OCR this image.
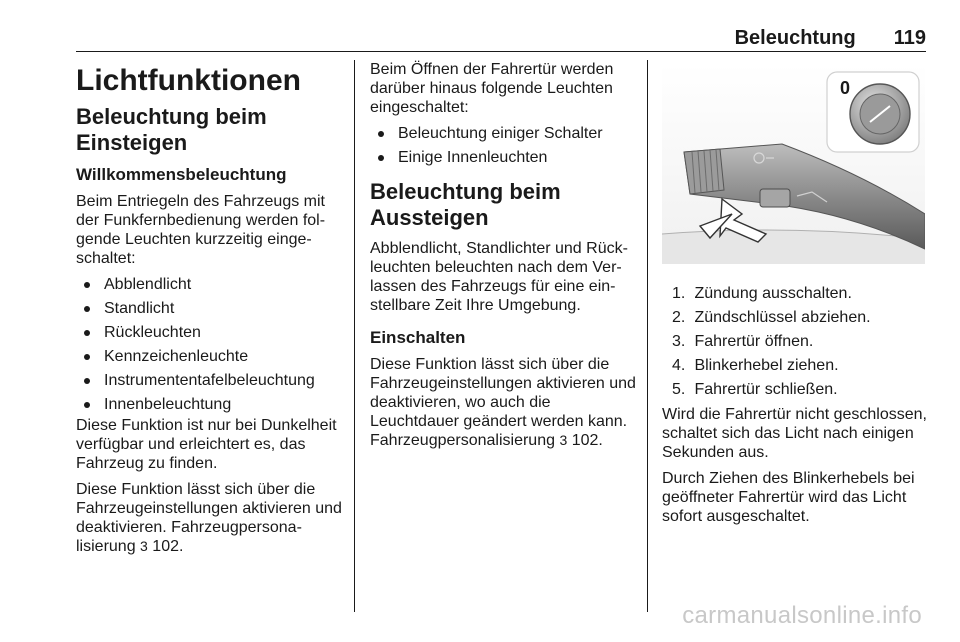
Beleuchtung 119
Lichtfunktionen
Beleuchtung beim Einsteigen
Willkommensbeleuchtung

Beim Entriegeln des Fahrzeugs mit der Funkfernbedienung werden fol- gende Leuchten kurzzeitig einge- schaltet:

Abblendlicht
Standlicht
Rückleuchten
Kennzeichenleuchte
Instrumententafelbeleuchtung
Innenbeleuchtung

Diese Funktion ist nur bei Dunkelheit verfügbar und erleichtert es, das Fahrzeug zu finden.

Diese Funktion lässt sich über die Fahrzeugeinstellungen aktivieren und deaktivieren. Fahrzeugpersona- lisierung 3 102.

Beim Öffnen der Fahrertür werden darüber hinaus folgende Leuchten eingeschaltet:

Beleuchtung einiger Schalter
Einige Innenleuchten
Beleuchtung beim Aussteigen

Abblendlicht, Standlichter und Rück- leuchten beleuchten nach dem Ver- lassen des Fahrzeugs für eine ein- stellbare Zeit Ihre Umgebung.

Einschalten

Diese Funktion lässt sich über die Fahrzeugeinstellungen aktivieren und deaktivieren, wo auch die Leuchtdauer geändert werden kann. Fahrzeugpersonalisierung 3 102.

0
1. Zündung ausschalten.
2. Zündschlüssel abziehen.
3. Fahrertür öffnen.
4. Blinkerhebel ziehen.
5. Fahrertür schließen.

Wird die Fahrertür nicht geschlossen, schaltet sich das Licht nach einigen Sekunden aus.

Durch Ziehen des Blinkerhebels bei geöffneter Fahrertür wird das Licht sofort ausgeschaltet.

carmanualsonline.info
